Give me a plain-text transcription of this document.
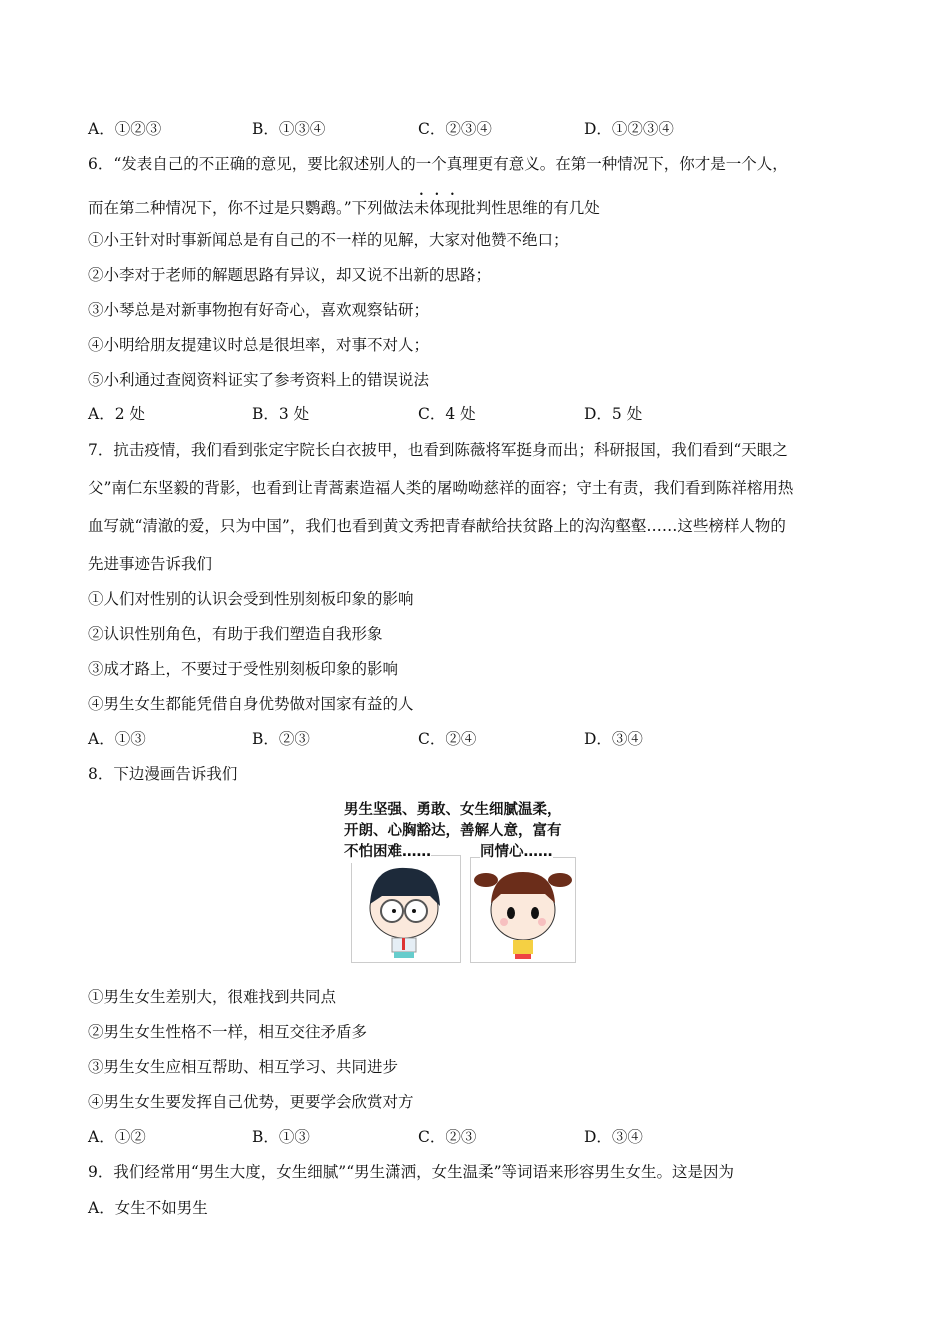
A．①②③	B．①③④	C．②③④	D．①②③④
6．“发表自己的不正确的意见，要比叙述别人的一个真理更有意义。在第一种情况下，你才是一个人，
而在第二种情况下，你不过是只鹦鹉。”下列做法未体现批判性思维的有几处
①小王针对时事新闻总是有自己的不一样的见解，大家对他赞不绝口；
②小李对于老师的解题思路有异议，却又说不出新的思路；
③小琴总是对新事物抱有好奇心，喜欢观察钻研；
④小明给朋友提建议时总是很坦率，对事不对人；
⑤小利通过查阅资料证实了参考资料上的错误说法
A．2 处	B．3 处	C．4 处	D．5 处
7．抗击疫情，我们看到张定宇院长白衣披甲，也看到陈薇将军挺身而出；科研报国，我们看到“天眼之
父”南仁东坚毅的背影，也看到让青蒿素造福人类的屠呦呦慈祥的面容；守土有责，我们看到陈祥榕用热
血写就“清澈的爱，只为中国”，我们也看到黄文秀把青春献给扶贫路上的沟沟壑壑……这些榜样人物的
先进事迹告诉我们
①人们对性别的认识会受到性别刻板印象的影响
②认识性别角色，有助于我们塑造自我形象
③成才路上，不要过于受性别刻板印象的影响
④男生女生都能凭借自身优势做对国家有益的人
A．①③	B．②③	C．②④	D．③④
8．下边漫画告诉我们
男生坚强、勇敢、女生细腻温柔，
开朗、心胸豁达，善解人意，富有
不怕困难……	同情心……
①男生女生差别大，很难找到共同点
②男生女生性格不一样，相互交往矛盾多
③男生女生应相互帮助、相互学习、共同进步
④男生女生要发挥自己优势，更要学会欣赏对方
A．①②	B．①③	C．②③	D．③④
9．我们经常用“男生大度，女生细腻”“男生潇洒，女生温柔”等词语来形容男生女生。这是因为
A．女生不如男生
